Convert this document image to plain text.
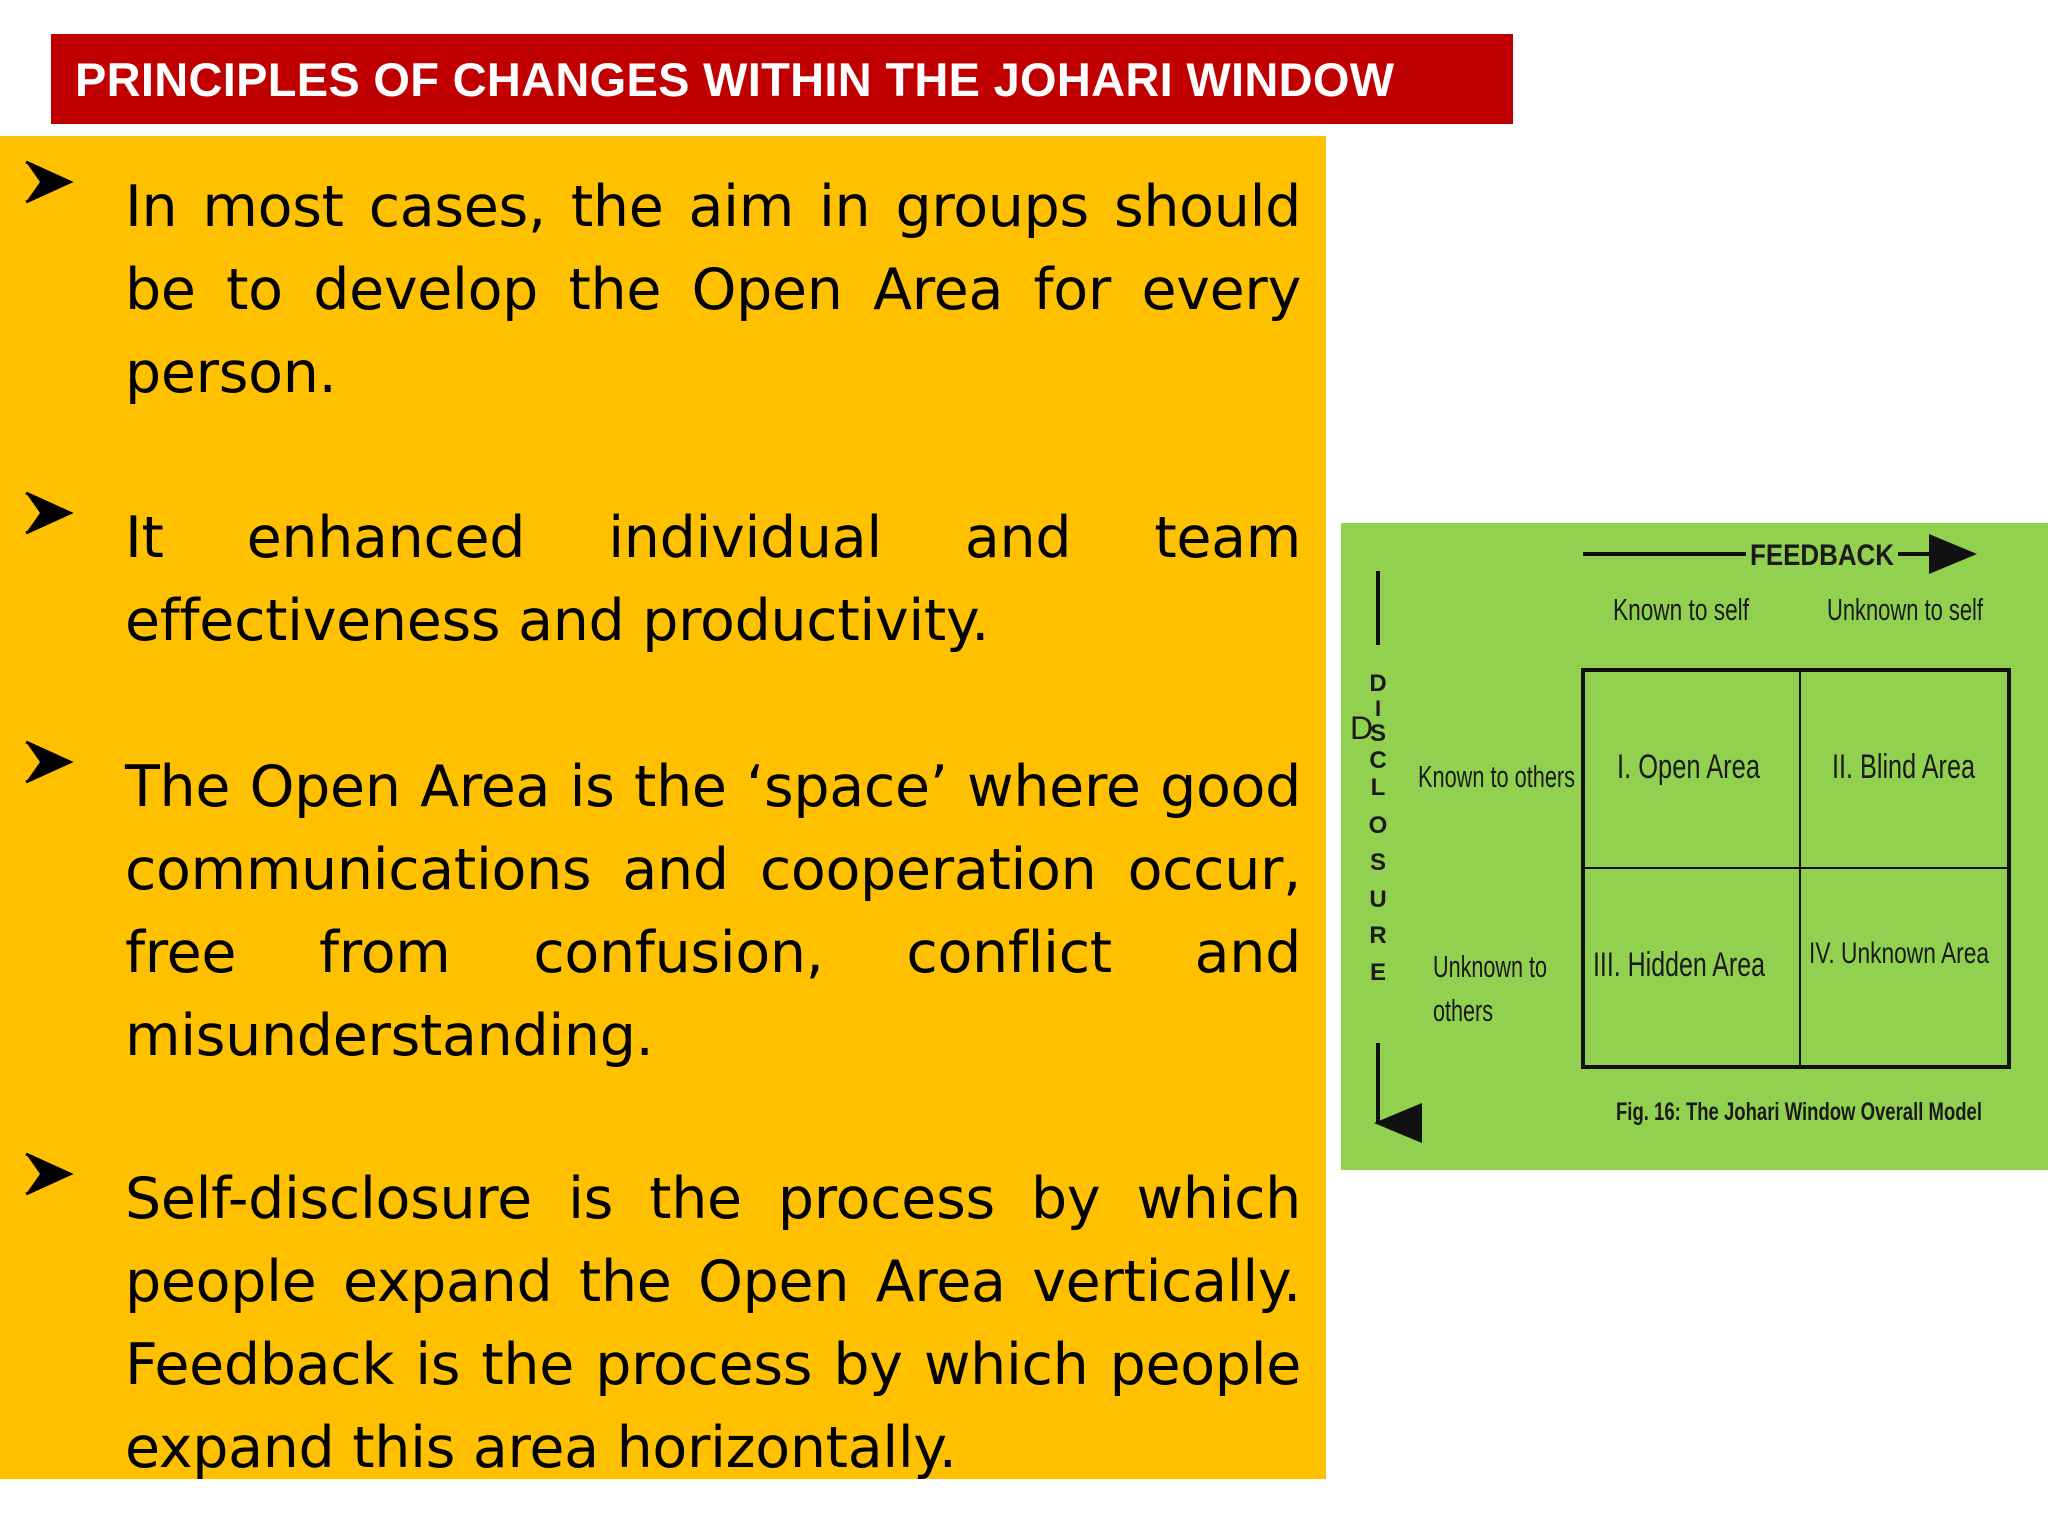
PRINCIPLES OF CHANGES WITHIN THE JOHARI WINDOW
In most cases, the aim in groups should be to develop the Open Area for every person.
It enhanced individual and team effectiveness and productivity.
The Open Area is the ‘space’ where good communications and cooperation occur, free from confusion, conflict and misunderstanding.
Self-disclosure is the process by which people expand the Open Area vertically. Feedback is the process by which people expand this area horizontally.
FEEDBACK
Known to self	Unknown to self
D
I
S
C
L
O
S
U
R
E
D
Known to others
Unknown to
others
I. Open Area II. Blind Area
III. Hidden Area IV. Unknown Area
Fig. 16: The Johari Window Overall Model
